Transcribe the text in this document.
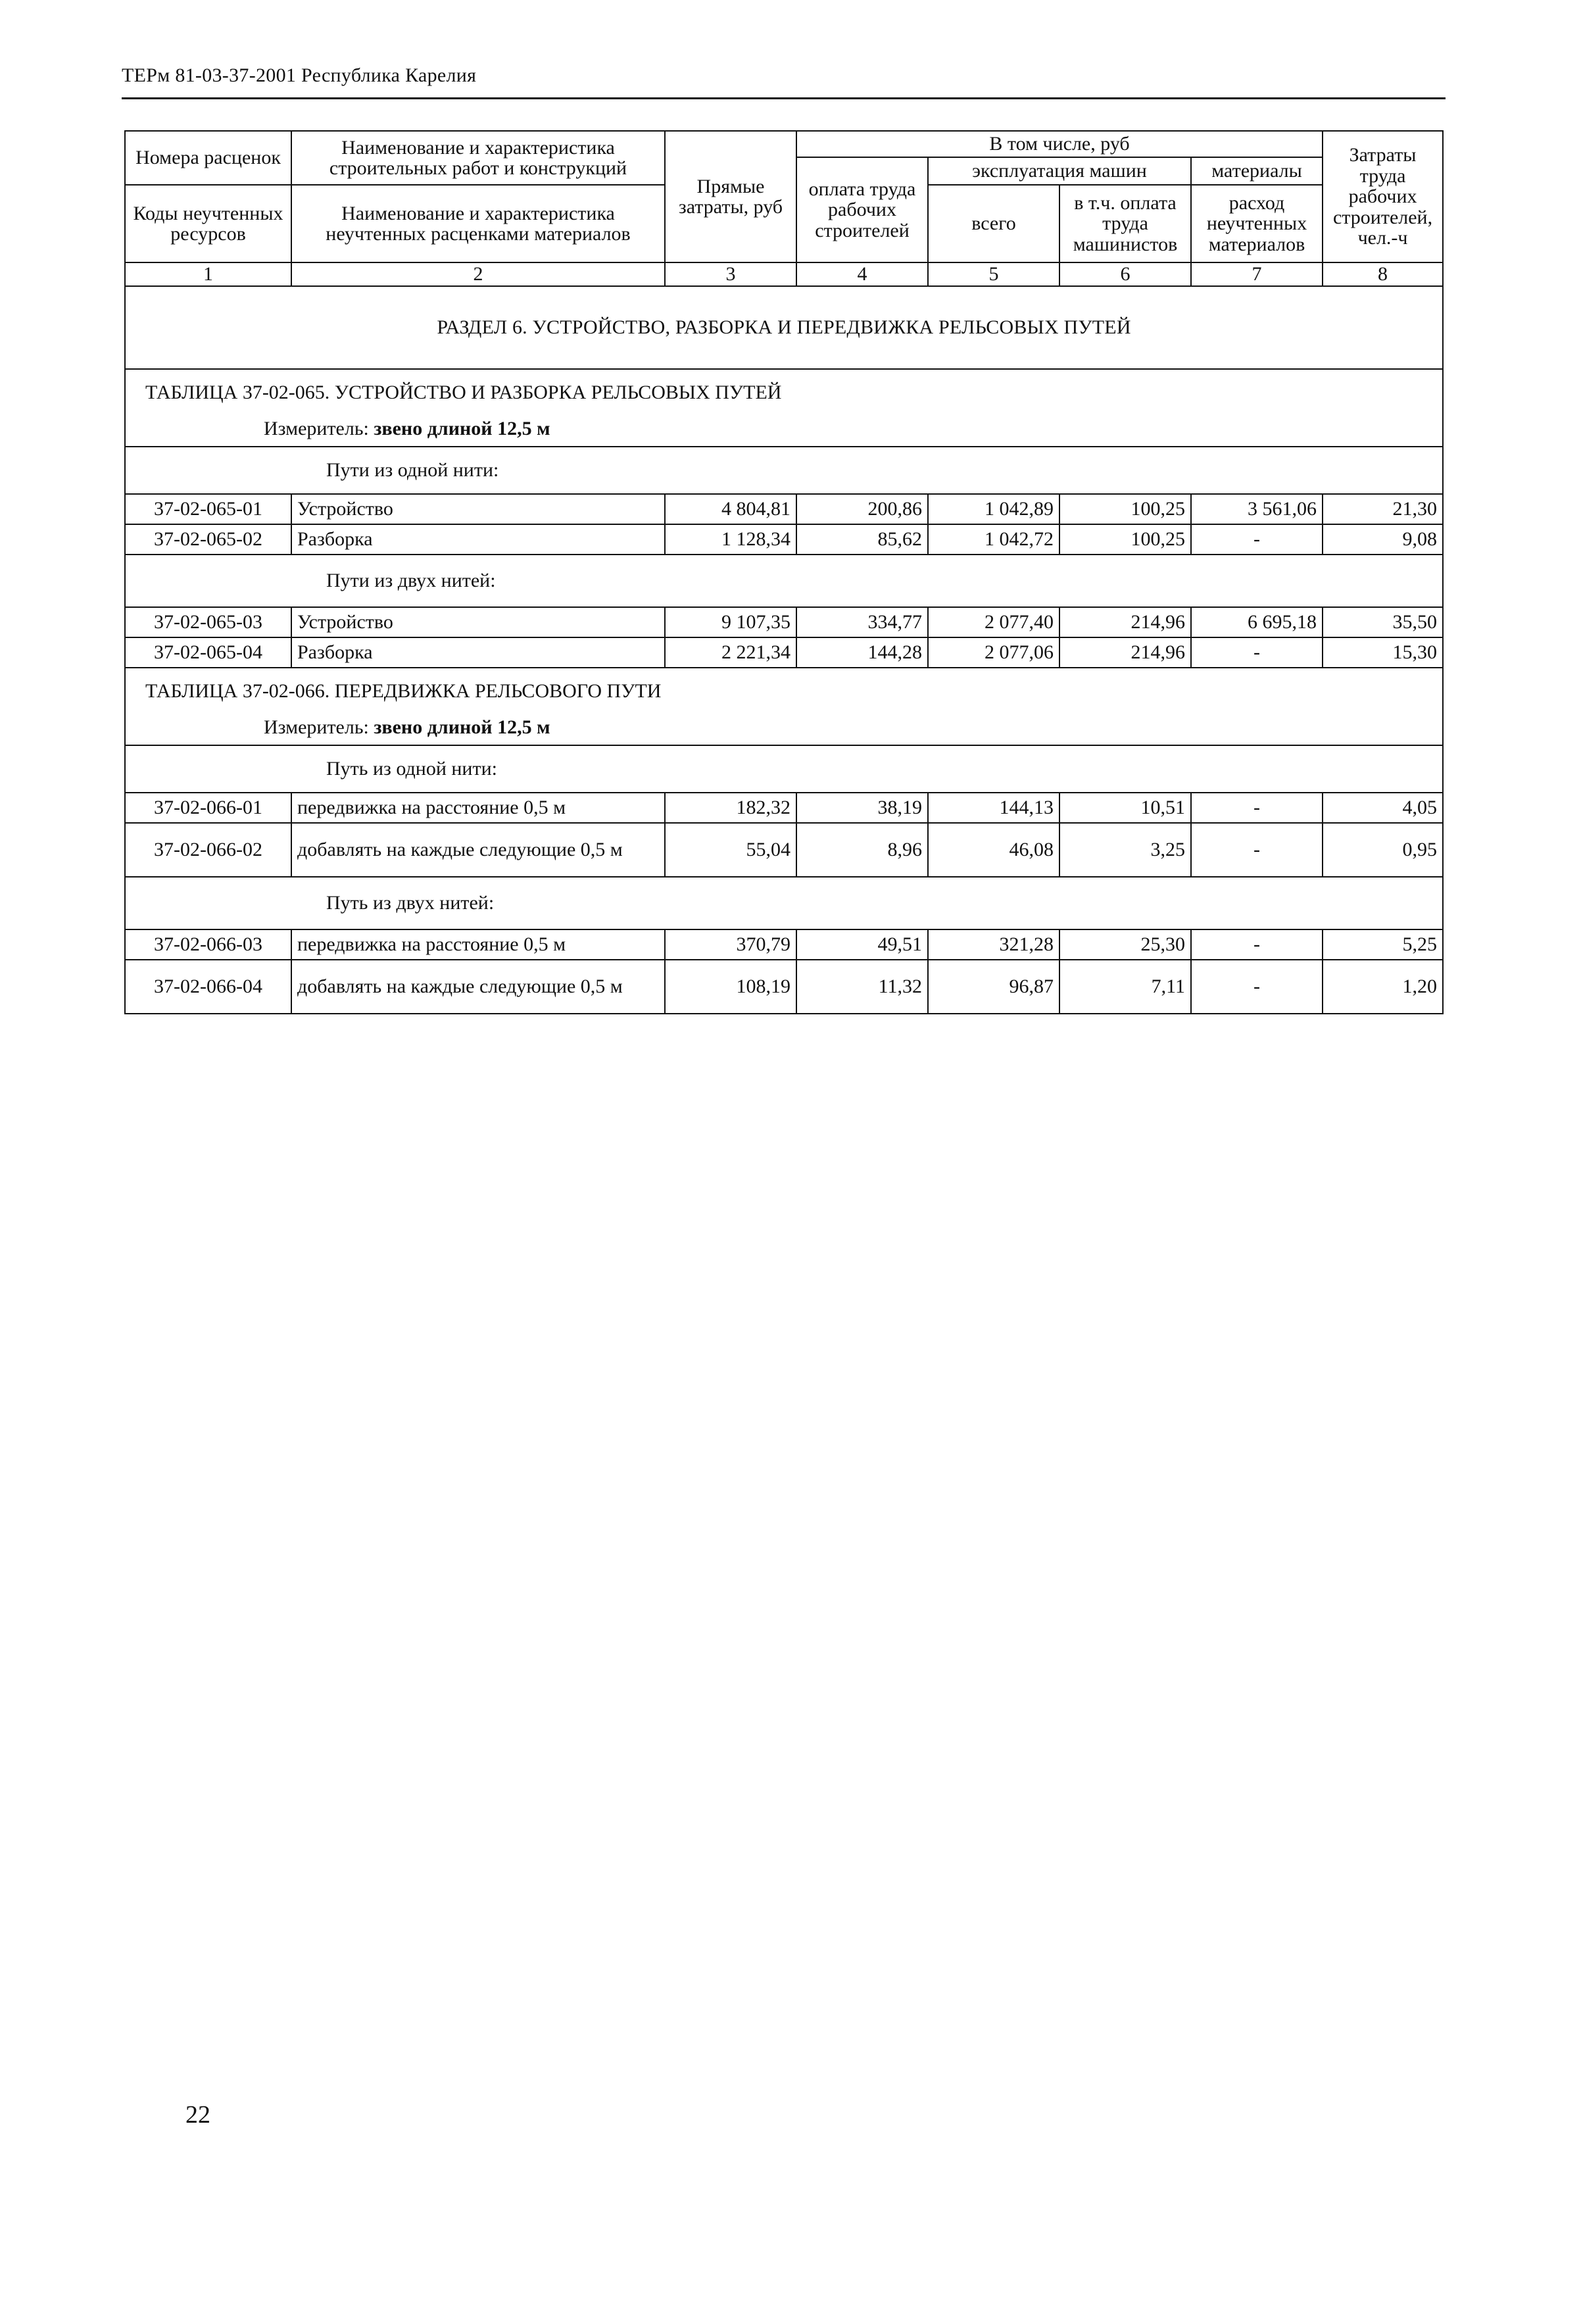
ТЕРм 81-03-37-2001 Республика Карелия
Номера расценок	Наименование и характеристика строительных работ и конструкций	Прямые затраты, руб	В том числе, руб				Затраты труда рабочих строителей, чел.-ч
			оплата труда рабочих строителей	эксплуатация машин		материалы	
Коды неучтенных ресурсов	Наименование и характеристика неучтенных расценками материалов			всего	в т.ч. оплата труда машинистов	расход неучтенных материалов	

1	2	3	4	5	6	7	8
РАЗДЕЛ 6. УСТРОЙСТВО, РАЗБОРКА И ПЕРЕДВИЖКА РЕЛЬСОВЫХ ПУТЕЙ							
ТАБЛИЦА 37-02-065. УСТРОЙСТВО И РАЗБОРКА РЕЛЬСОВЫХ ПУТЕЙ							
Измеритель: звено длиной 12,5 м							
Пути из одной нити:							
37-02-065-01	Устройство	4 804,81	200,86	1 042,89	100,25	3 561,06	21,30
37-02-065-02	Разборка	1 128,34	85,62	1 042,72	100,25	-	9,08
Пути из двух нитей:							
37-02-065-03	Устройство	9 107,35	334,77	2 077,40	214,96	6 695,18	35,50
37-02-065-04	Разборка	2 221,34	144,28	2 077,06	214,96	-	15,30
ТАБЛИЦА 37-02-066. ПЕРЕДВИЖКА РЕЛЬСОВОГО ПУТИ							
Измеритель: звено длиной 12,5 м							
Путь из одной нити:							
37-02-066-01	передвижка на расстояние 0,5 м	182,32	38,19	144,13	10,51	-	4,05
37-02-066-02	добавлять на каждые следующие 0,5 м	55,04	8,96	46,08	3,25	-	0,95
Путь из двух нитей:							
37-02-066-03	передвижка на расстояние 0,5 м	370,79	49,51	321,28	25,30	-	5,25
37-02-066-04	добавлять на каждые следующие 0,5 м	108,19	11,32	96,87	7,11	-	1,20
22
